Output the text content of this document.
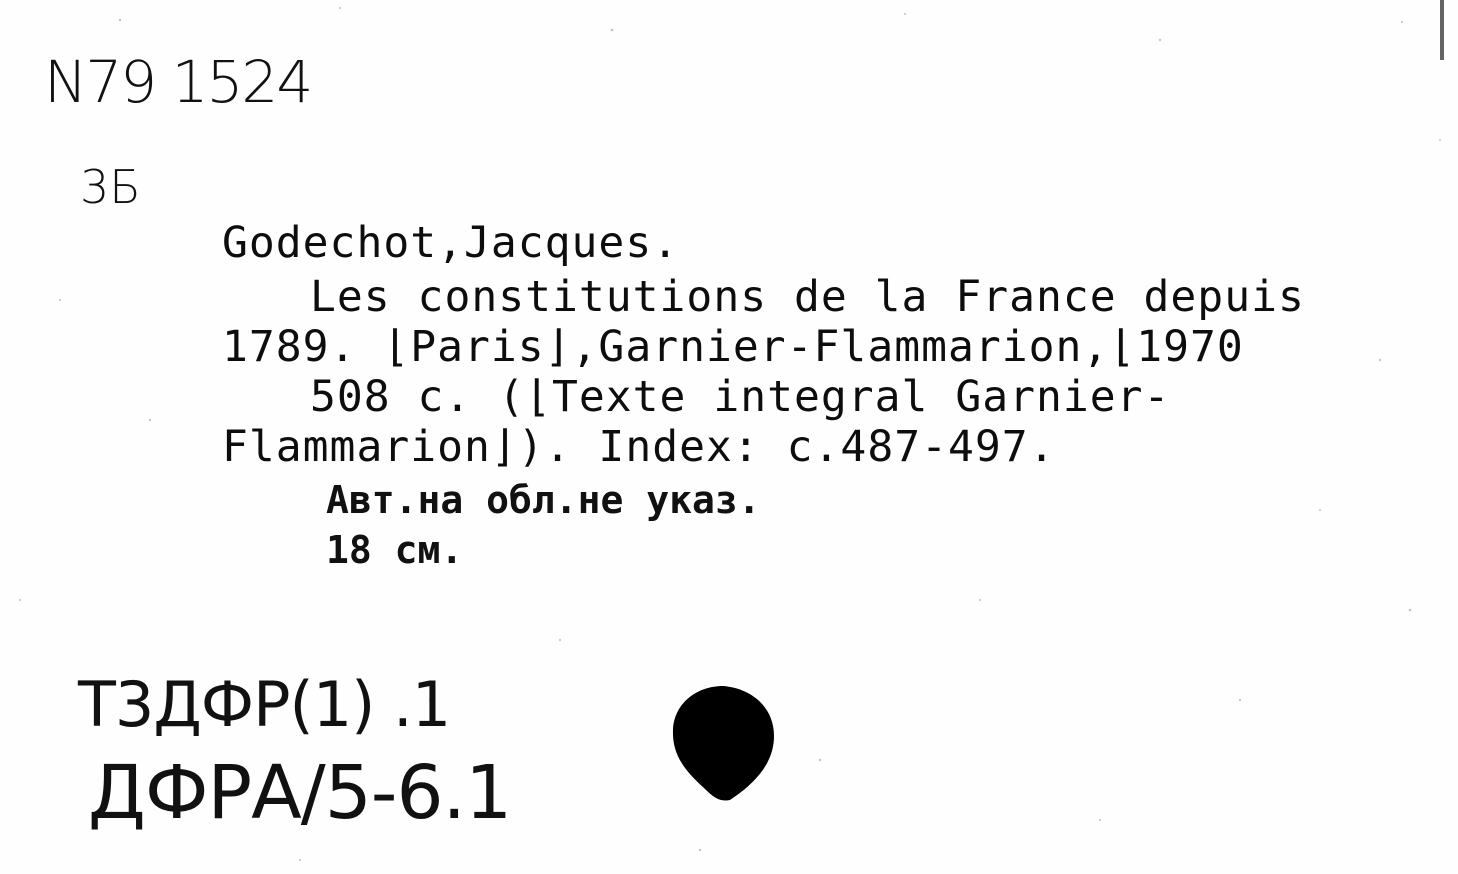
N79 1524
3Б
Godechot,Jacques.
Les constitutions de la France depuis
1789. ⌊Paris⌋,Garnier-Flammarion,⌊1970
508 c. (⌊Texte integral Garnier-
Flammarion⌋). Index: c.487-497.
Авт.на обл.не указ.
18 см.
Т3ДФР(1) .1
ДФРА/5-6.1
